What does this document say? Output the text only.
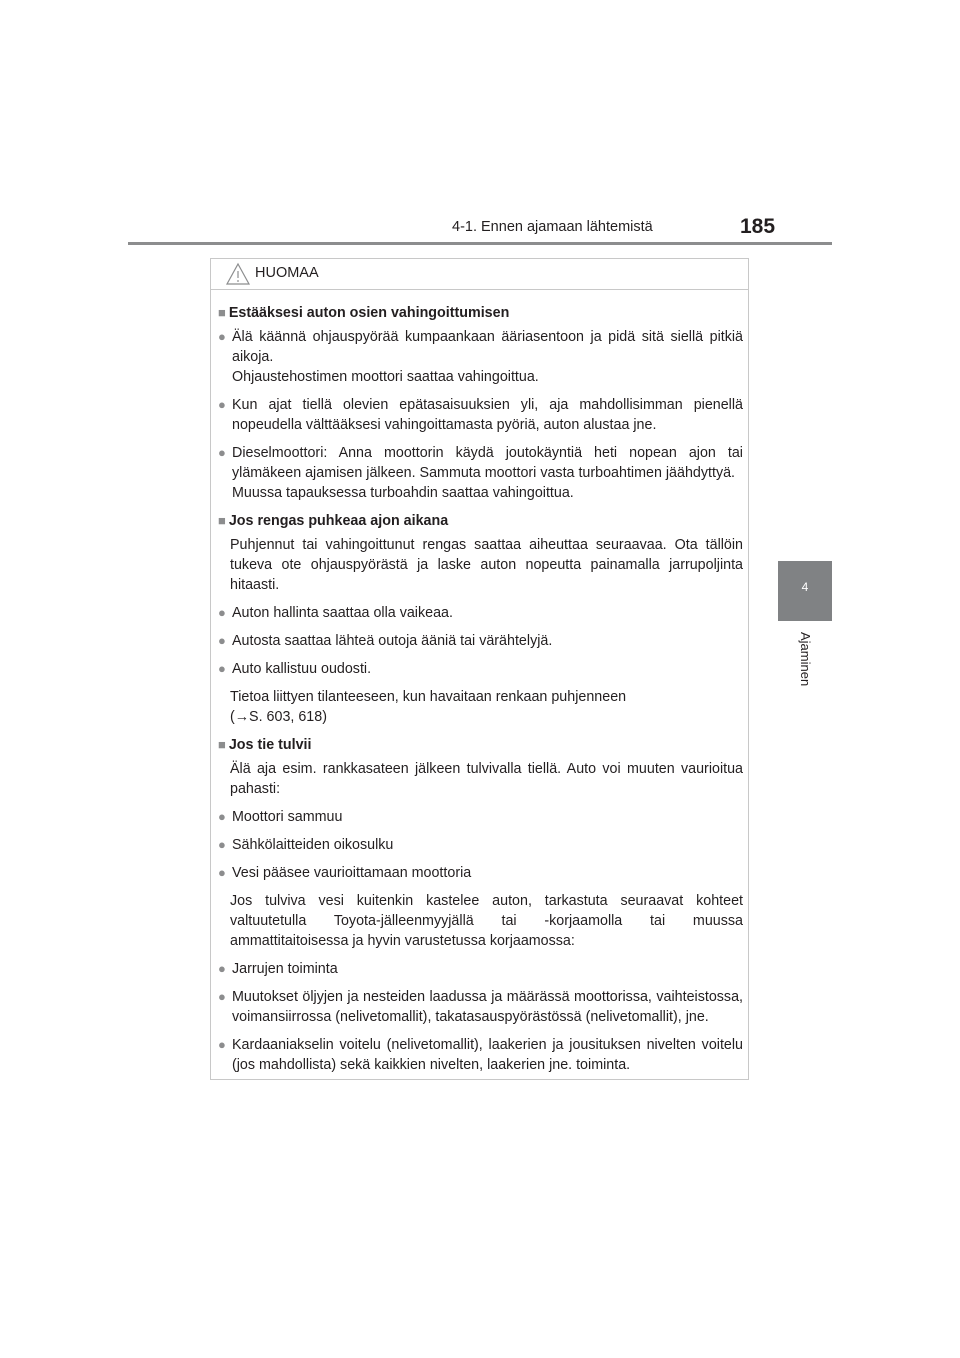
4-1. Ennen ajamaan lähtemistä	185
4
Ajaminen
HUOMAA
■ Estääksesi auton osien vahingoittumisen
● Älä käännä ohjauspyörää kumpaankaan ääriasentoon ja pidä sitä siellä pitkiä aikoja.
Ohjaustehostimen moottori saattaa vahingoittua.
● Kun ajat tiellä olevien epätasaisuuksien yli, aja mahdollisimman pienellä nopeudella välttääksesi vahingoittamasta pyöriä, auton alustaa jne.
● Dieselmoottori: Anna moottorin käydä joutokäyntiä heti nopean ajon tai ylämäkeen ajamisen jälkeen. Sammuta moottori vasta turboahtimen jäähdyttyä.
Muussa tapauksessa turboahdin saattaa vahingoittua.
■ Jos rengas puhkeaa ajon aikana
Puhjennut tai vahingoittunut rengas saattaa aiheuttaa seuraavaa. Ota tällöin tukeva ote ohjauspyörästä ja laske auton nopeutta painamalla jarrupoljinta hitaasti.
● Auton hallinta saattaa olla vaikeaa.
● Autosta saattaa lähteä outoja ääniä tai värähtelyjä.
● Auto kallistuu oudosti.
Tietoa liittyen tilanteeseen, kun havaitaan renkaan puhjenneen
(→S. 603, 618)
■ Jos tie tulvii
Älä aja esim. rankkasateen jälkeen tulvivalla tiellä. Auto voi muuten vaurioitua pahasti:
● Moottori sammuu
● Sähkölaitteiden oikosulku
● Vesi pääsee vaurioittamaan moottoria
Jos tulviva vesi kuitenkin kastelee auton, tarkastuta seuraavat kohteet valtuutetulla Toyota-jälleenmyyjällä tai -korjaamolla tai muussa ammattitaitoisessa ja hyvin varustetussa korjaamossa:
● Jarrujen toiminta
● Muutokset öljyjen ja nesteiden laadussa ja määrässä moottorissa, vaihteistossa, voimansiirrossa (nelivetomallit), takatasauspyörästössä (nelivetomallit), jne.
● Kardaaniakselin voitelu (nelivetomallit), laakerien ja jousituksen nivelten voitelu (jos mahdollista) sekä kaikkien nivelten, laakerien jne. toiminta.
